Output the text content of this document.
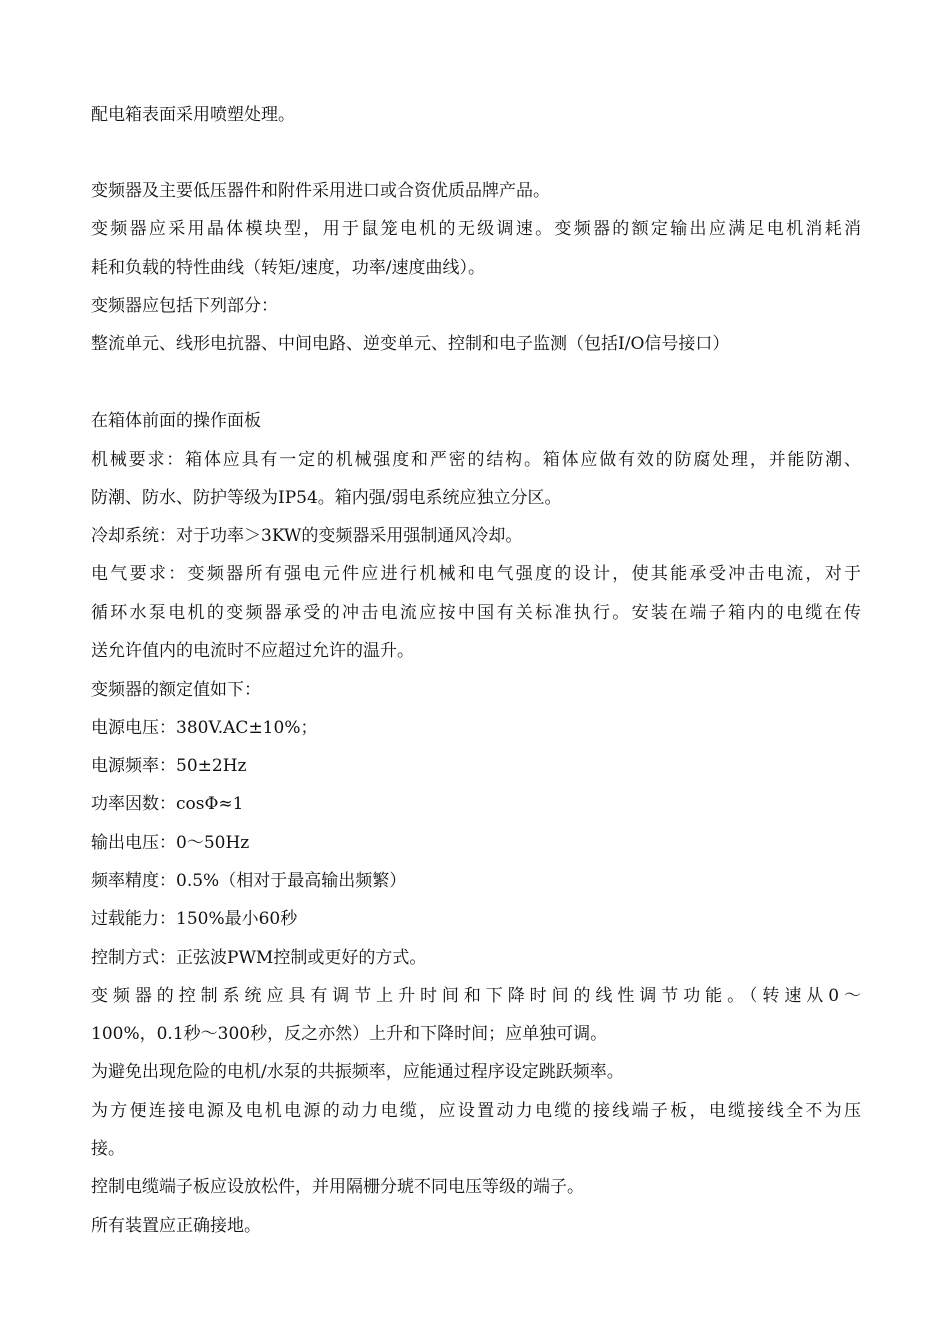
配电箱表面采用喷塑处理。
变频器及主要低压器件和附件采用进口或合资优质品牌产品。
变频器应采用晶体模块型，用于鼠笼电机的无级调速。变频器的额定输出应满足电机消耗消
耗和负载的特性曲线（转矩/速度，功率/速度曲线）。
变频器应包括下列部分：
整流单元、线形电抗器、中间电路、逆变单元、控制和电子监测（包括I/O信号接口）
在箱体前面的操作面板
机械要求：箱体应具有一定的机械强度和严密的结构。箱体应做有效的防腐处理，并能防潮、
防潮、防水、防护等级为IP54。箱内强/弱电系统应独立分区。
冷却系统：对于功率＞3KW的变频器采用强制通风冷却。
电气要求：变频器所有强电元件应进行机械和电气强度的设计，使其能承受冲击电流，对于
循环水泵电机的变频器承受的冲击电流应按中国有关标准执行。安装在端子箱内的电缆在传
送允许值内的电流时不应超过允许的温升。
变频器的额定值如下：
电源电压：380V.AC±10%；
电源频率：50±2Hz
功率因数：cosΦ≈1
输出电压：0～50Hz
频率精度：0.5%（相对于最高输出频繁）
过载能力：150%最小60秒
控制方式：正弦波PWM控制或更好的方式。
变频器的控制系统应具有调节上升时间和下降时间的线性调节功能。（转速从0～
100%，0.1秒～300秒，反之亦然）上升和下降时间；应单独可调。
为避免出现危险的电机/水泵的共振频率，应能通过程序设定跳跃频率。
为方便连接电源及电机电源的动力电缆，应设置动力电缆的接线端子板，电缆接线全不为压
接。
控制电缆端子板应设放松件，并用隔栅分琥不同电压等级的端子。
所有装置应正确接地。
